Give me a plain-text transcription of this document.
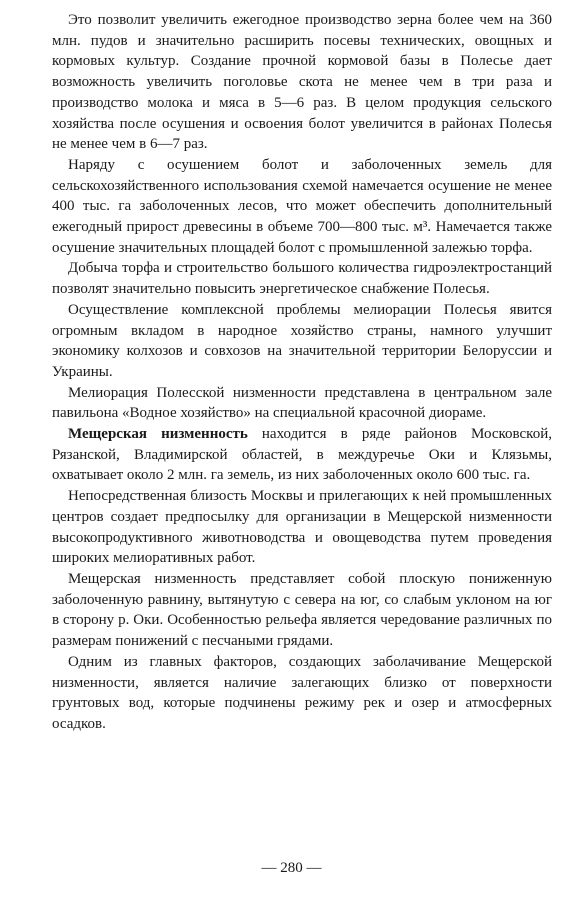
Это позволит увеличить ежегодное производство зерна более чем на 360 млн. пудов и значительно расширить посевы технических, овощных и кормовых культур. Создание прочной кормовой базы в Полесье дает возможность увеличить поголовье скота не менее чем в три раза и производство молока и мяса в 5—6 раз. В целом продукция сельского хозяйства после осушения и освоения болот увеличится в районах Полесья не менее чем в 6—7 раз.

Наряду с осушением болот и заболоченных земель для сельскохозяйственного использования схемой намечается осушение не менее 400 тыс. га заболоченных лесов, что может обеспечить дополнительный ежегодный прирост древесины в объеме 700—800 тыс. м³. Намечается также осушение значительных площадей болот с промышленной залежью торфа.

Добыча торфа и строительство большого количества гидроэлектростанций позволят значительно повысить энергетическое снабжение Полесья.

Осуществление комплексной проблемы мелиорации Полесья явится огромным вкладом в народное хозяйство страны, намного улучшит экономику колхозов и совхозов на значительной территории Белоруссии и Украины.

Мелиорация Полесской низменности представлена в центральном зале павильона «Водное хозяйство» на специальной красочной диораме.

Мещерская низменность находится в ряде районов Московской, Рязанской, Владимирской областей, в междуречье Оки и Клязьмы, охватывает около 2 млн. га земель, из них заболоченных около 600 тыс. га.

Непосредственная близость Москвы и прилегающих к ней промышленных центров создает предпосылку для организации в Мещерской низменности высокопродуктивного животноводства и овощеводства путем проведения широких мелиоративных работ.

Мещерская низменность представляет собой плоскую пониженную заболоченную равнину, вытянутую с севера на юг, со слабым уклоном на юг в сторону р. Оки. Особенностью рельефа является чередование различных по размерам понижений с песчаными грядами.

Одним из главных факторов, создающих заболачивание Мещерской низменности, является наличие залегающих близко от поверхности грунтовых вод, которые подчинены режиму рек и озер и атмосферных осадков.

— 280 —
